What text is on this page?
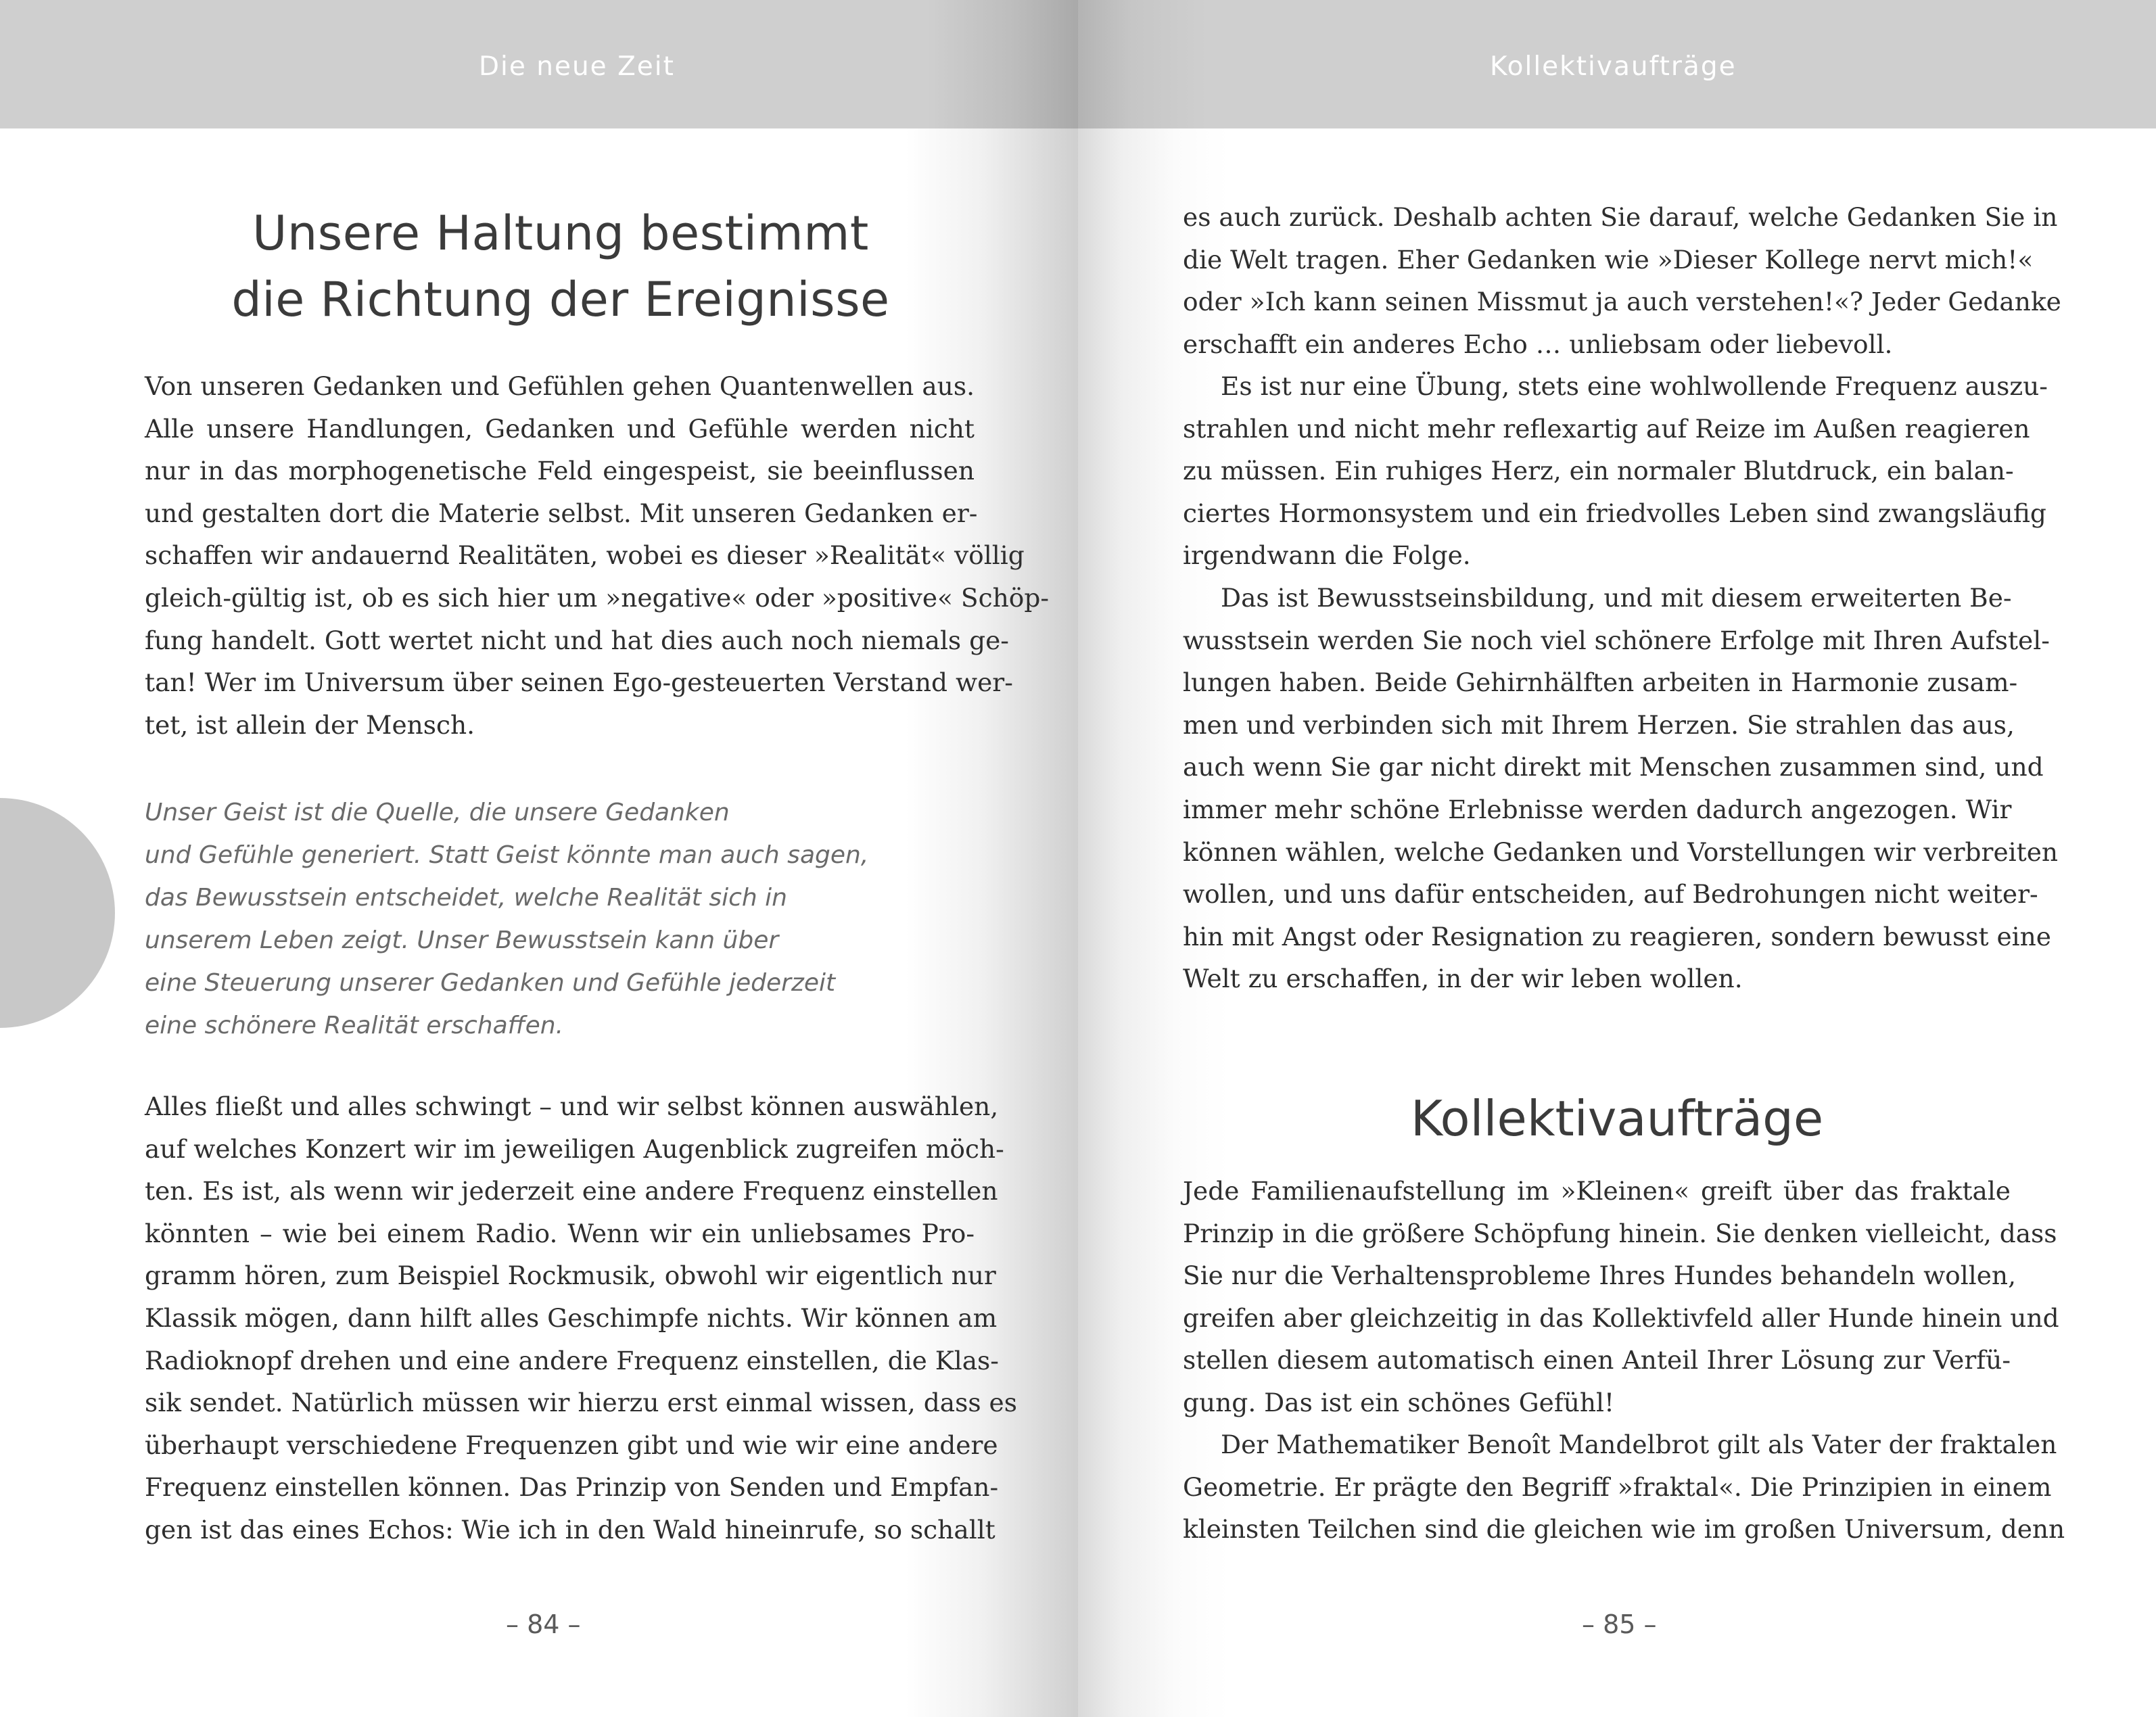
Die neue Zeit
Unsere Haltung bestimmt
die Richtung der Ereignisse
Von unseren Gedanken und Gefühlen gehen Quantenwellen aus.
Alle unsere Handlungen, Gedanken und Gefühle werden nicht
nur in das morphogenetische Feld eingespeist, sie beeinflussen
und gestalten dort die Materie selbst. Mit unseren Gedanken er-
schaffen wir andauernd Realitäten, wobei es dieser »Realität« völlig
gleich-gültig ist, ob es sich hier um »negative« oder »positive« Schöp-
fung handelt. Gott wertet nicht und hat dies auch noch niemals ge-
tan! Wer im Universum über seinen Ego-gesteuerten Verstand wer-
tet, ist allein der Mensch.
Unser Geist ist die Quelle, die unsere Gedanken
und Gefühle generiert. Statt Geist könnte man auch sagen,
das Bewusstsein entscheidet, welche Realität sich in
unserem Leben zeigt. Unser Bewusstsein kann über
eine Steuerung unserer Gedanken und Gefühle jederzeit
eine schönere Realität erschaffen.
Alles fließt und alles schwingt – und wir selbst können auswählen,
auf welches Konzert wir im jeweiligen Augenblick zugreifen möch-
ten. Es ist, als wenn wir jederzeit eine andere Frequenz einstellen
könnten – wie bei einem Radio. Wenn wir ein unliebsames Pro-
gramm hören, zum Beispiel Rockmusik, obwohl wir eigentlich nur
Klassik mögen, dann hilft alles Geschimpfe nichts. Wir können am
Radioknopf drehen und eine andere Frequenz einstellen, die Klas-
sik sendet. Natürlich müssen wir hierzu erst einmal wissen, dass es
überhaupt verschiedene Frequenzen gibt und wie wir eine andere
Frequenz einstellen können. Das Prinzip von Senden und Empfan-
gen ist das eines Echos: Wie ich in den Wald hineinrufe, so schallt
– 84 –
Kollektivaufträge
es auch zurück. Deshalb achten Sie darauf, welche Gedanken Sie in
die Welt tragen. Eher Gedanken wie »Dieser Kollege nervt mich!«
oder »Ich kann seinen Missmut ja auch verstehen!«? Jeder Gedanke
erschafft ein anderes Echo … unliebsam oder liebevoll.
Es ist nur eine Übung, stets eine wohlwollende Frequenz auszu-
strahlen und nicht mehr reflexartig auf Reize im Außen reagieren
zu müssen. Ein ruhiges Herz, ein normaler Blutdruck, ein balan-
ciertes Hormonsystem und ein friedvolles Leben sind zwangsläufig
irgendwann die Folge.
Das ist Bewusstseinsbildung, und mit diesem erweiterten Be-
wusstsein werden Sie noch viel schönere Erfolge mit Ihren Aufstel-
lungen haben. Beide Gehirnhälften arbeiten in Harmonie zusam-
men und verbinden sich mit Ihrem Herzen. Sie strahlen das aus,
auch wenn Sie gar nicht direkt mit Menschen zusammen sind, und
immer mehr schöne Erlebnisse werden dadurch angezogen. Wir
können wählen, welche Gedanken und Vorstellungen wir verbreiten
wollen, und uns dafür entscheiden, auf Bedrohungen nicht weiter-
hin mit Angst oder Resignation zu reagieren, sondern bewusst eine
Welt zu erschaffen, in der wir leben wollen.
Kollektivaufträge
Jede Familienaufstellung im »Kleinen« greift über das fraktale
Prinzip in die größere Schöpfung hinein. Sie denken vielleicht, dass
Sie nur die Verhaltensprobleme Ihres Hundes behandeln wollen,
greifen aber gleichzeitig in das Kollektivfeld aller Hunde hinein und
stellen diesem automatisch einen Anteil Ihrer Lösung zur Verfü-
gung. Das ist ein schönes Gefühl!
Der Mathematiker Benoît Mandelbrot gilt als Vater der fraktalen
Geometrie. Er prägte den Begriff »fraktal«. Die Prinzipien in einem
kleinsten Teilchen sind die gleichen wie im großen Universum, denn
– 85 –
